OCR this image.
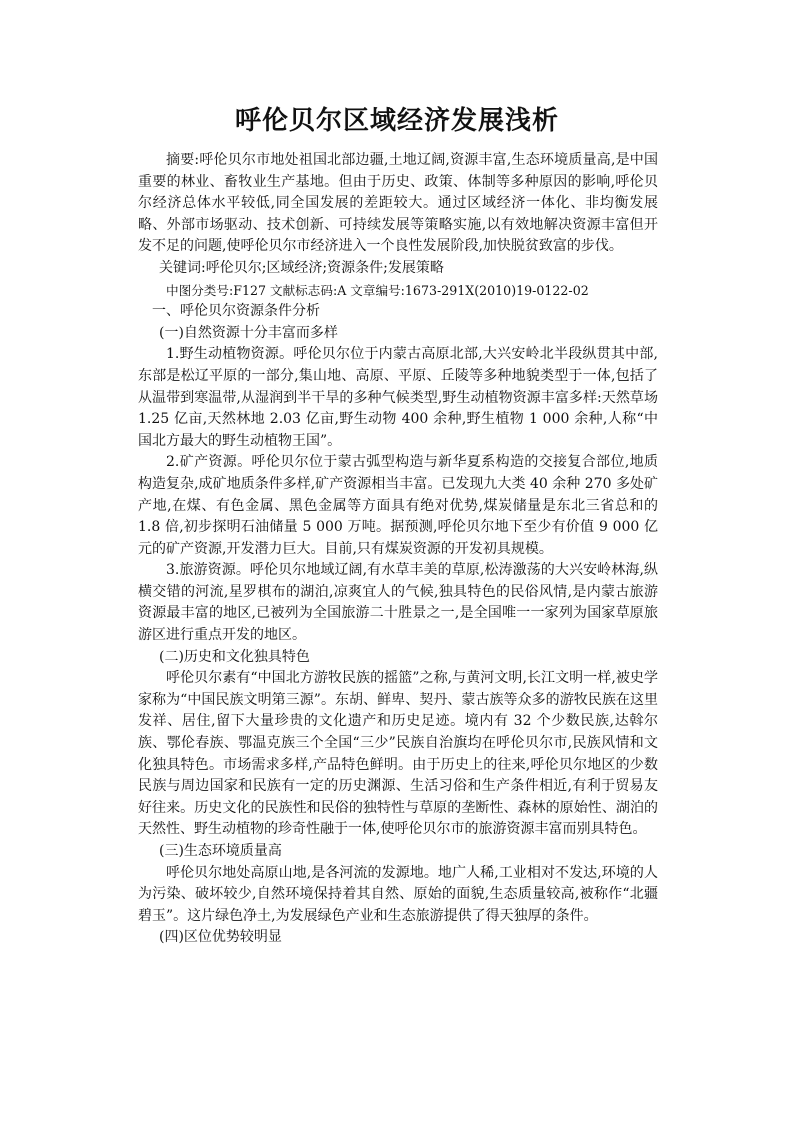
呼伦贝尔区域经济发展浅析

摘要:呼伦贝尔市地处祖国北部边疆,土地辽阔,资源丰富,生态环境质量高,是中国重要的林业、畜牧业生产基地。但由于历史、政策、体制等多种原因的影响,呼伦贝尔经济总体水平较低,同全国发展的差距较大。通过区域经济一体化、非均衡发展略、外部市场驱动、技术创新、可持续发展等策略实施,以有效地解决资源丰富但开发不足的问题,使呼伦贝尔市经济进入一个良性发展阶段,加快脱贫致富的步伐。

关键词:呼伦贝尔;区域经济;资源条件;发展策略

中图分类号:F127 文献标志码:A 文章编号:1673-291X(2010)19-0122-02

一、呼伦贝尔资源条件分析

(一)自然资源十分丰富而多样

1.野生动植物资源。呼伦贝尔位于内蒙古高原北部,大兴安岭北半段纵贯其中部,东部是松辽平原的一部分,集山地、高原、平原、丘陵等多种地貌类型于一体,包括了从温带到寒温带,从湿润到半干旱的多种气候类型,野生动植物资源丰富多样:天然草场 1.25 亿亩,天然林地 2.03 亿亩,野生动物 400 余种,野生植物 1 000 余种,人称“中国北方最大的野生动植物王国”。

2.矿产资源。呼伦贝尔位于蒙古弧型构造与新华夏系构造的交接复合部位,地质构造复杂,成矿地质条件多样,矿产资源相当丰富。已发现九大类 40 余种 270 多处矿产地,在煤、有色金属、黑色金属等方面具有绝对优势,煤炭储量是东北三省总和的 1.8 倍,初步探明石油储量 5 000 万吨。据预测,呼伦贝尔地下至少有价值 9 000 亿元的矿产资源,开发潜力巨大。目前,只有煤炭资源的开发初具规模。

3.旅游资源。呼伦贝尔地域辽阔,有水草丰美的草原,松涛激荡的大兴安岭林海,纵横交错的河流,星罗棋布的湖泊,凉爽宜人的气候,独具特色的民俗风情,是内蒙古旅游资源最丰富的地区,已被列为全国旅游二十胜景之一,是全国唯一一家列为国家草原旅游区进行重点开发的地区。

(二)历史和文化独具特色

呼伦贝尔素有“中国北方游牧民族的摇篮”之称,与黄河文明,长江文明一样,被史学家称为“中国民族文明第三源”。东胡、鲜卑、契丹、蒙古族等众多的游牧民族在这里发祥、居住,留下大量珍贵的文化遗产和历史足迹。境内有 32 个少数民族,达斡尔族、鄂伦春族、鄂温克族三个全国“三少”民族自治旗均在呼伦贝尔市,民族风情和文化独具特色。市场需求多样,产品特色鲜明。由于历史上的往来,呼伦贝尔地区的少数民族与周边国家和民族有一定的历史渊源、生活习俗和生产条件相近,有利于贸易友好往来。历史文化的民族性和民俗的独特性与草原的垄断性、森林的原始性、湖泊的天然性、野生动植物的珍奇性融于一体,使呼伦贝尔市的旅游资源丰富而别具特色。

(三)生态环境质量高

呼伦贝尔地处高原山地,是各河流的发源地。地广人稀,工业相对不发达,环境的人为污染、破坏较少,自然环境保持着其自然、原始的面貌,生态质量较高,被称作“北疆碧玉”。这片绿色净土,为发展绿色产业和生态旅游提供了得天独厚的条件。

(四)区位优势较明显
